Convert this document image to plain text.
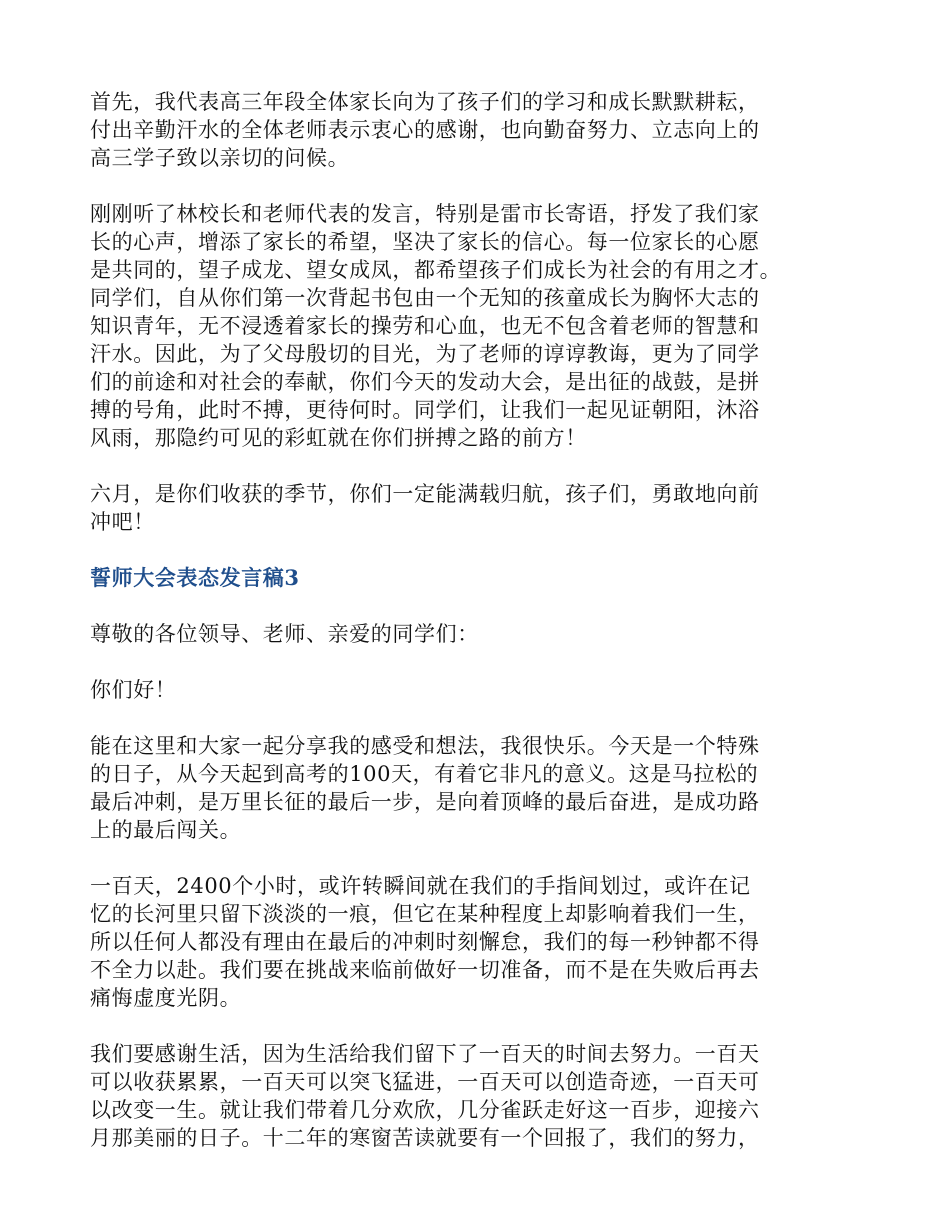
首先，我代表高三年段全体家长向为了孩子们的学习和成长默默耕耘，
付出辛勤汗水的全体老师表示衷心的感谢，也向勤奋努力、立志向上的
高三学子致以亲切的问候。
刚刚听了林校长和老师代表的发言，特别是雷市长寄语，抒发了我们家
长的心声，增添了家长的希望，坚决了家长的信心。每一位家长的心愿
是共同的，望子成龙、望女成凤，都希望孩子们成长为社会的有用之才。
同学们，自从你们第一次背起书包由一个无知的孩童成长为胸怀大志的
知识青年，无不浸透着家长的操劳和心血，也无不包含着老师的智慧和
汗水。因此，为了父母殷切的目光，为了老师的谆谆教诲，更为了同学
们的前途和对社会的奉献，你们今天的发动大会，是出征的战鼓，是拼
搏的号角，此时不搏，更待何时。同学们，让我们一起见证朝阳，沐浴
风雨，那隐约可见的彩虹就在你们拼搏之路的前方！
六月，是你们收获的季节，你们一定能满载归航，孩子们，勇敢地向前
冲吧！
誓师大会表态发言稿3
尊敬的各位领导、老师、亲爱的同学们：
你们好！
能在这里和大家一起分享我的感受和想法，我很快乐。今天是一个特殊
的日子，从今天起到高考的100天，有着它非凡的意义。这是马拉松的
最后冲刺，是万里长征的最后一步，是向着顶峰的最后奋进，是成功路
上的最后闯关。
一百天，2400个小时，或许转瞬间就在我们的手指间划过，或许在记
忆的长河里只留下淡淡的一痕，但它在某种程度上却影响着我们一生，
所以任何人都没有理由在最后的冲刺时刻懈怠，我们的每一秒钟都不得
不全力以赴。我们要在挑战来临前做好一切准备，而不是在失败后再去
痛悔虚度光阴。
我们要感谢生活，因为生活给我们留下了一百天的时间去努力。一百天
可以收获累累，一百天可以突飞猛进，一百天可以创造奇迹，一百天可
以改变一生。就让我们带着几分欢欣，几分雀跃走好这一百步，迎接六
月那美丽的日子。十二年的寒窗苦读就要有一个回报了，我们的努力，
